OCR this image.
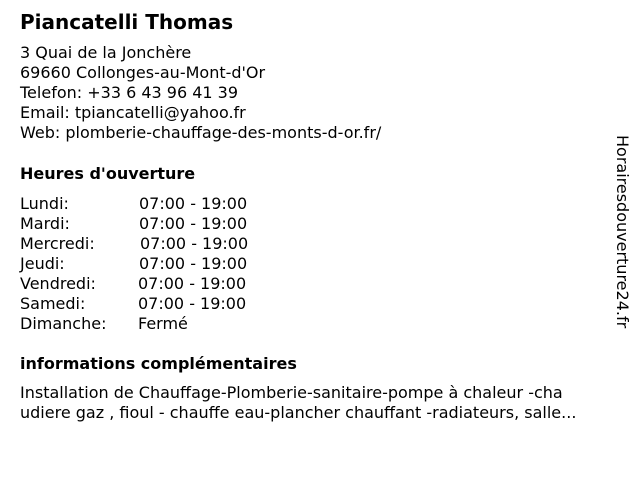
Piancatelli Thomas
3 Quai de la Jonchère
69660 Collonges-au-Mont-d'Or
Telefon: +33 6 43 96 41 39
Email: tpiancatelli@yahoo.fr
Web: plomberie-chauffage-des-monts-d-or.fr/
Heures d'ouverture
Lundi:	07:00 - 19:00
Mardi:	07:00 - 19:00
Mercredi:	07:00 - 19:00
Jeudi:	07:00 - 19:00
Vendredi:	07:00 - 19:00
Samedi:	07:00 - 19:00
Dimanche: Fermé
informations complémentaires
Installation de Chauffage-Plomberie-sanitaire-pompe à chaleur -cha
udiere gaz , fioul - chauffe eau-plancher chauffant -radiateurs, salle...
Horairesdouverture24.fr
